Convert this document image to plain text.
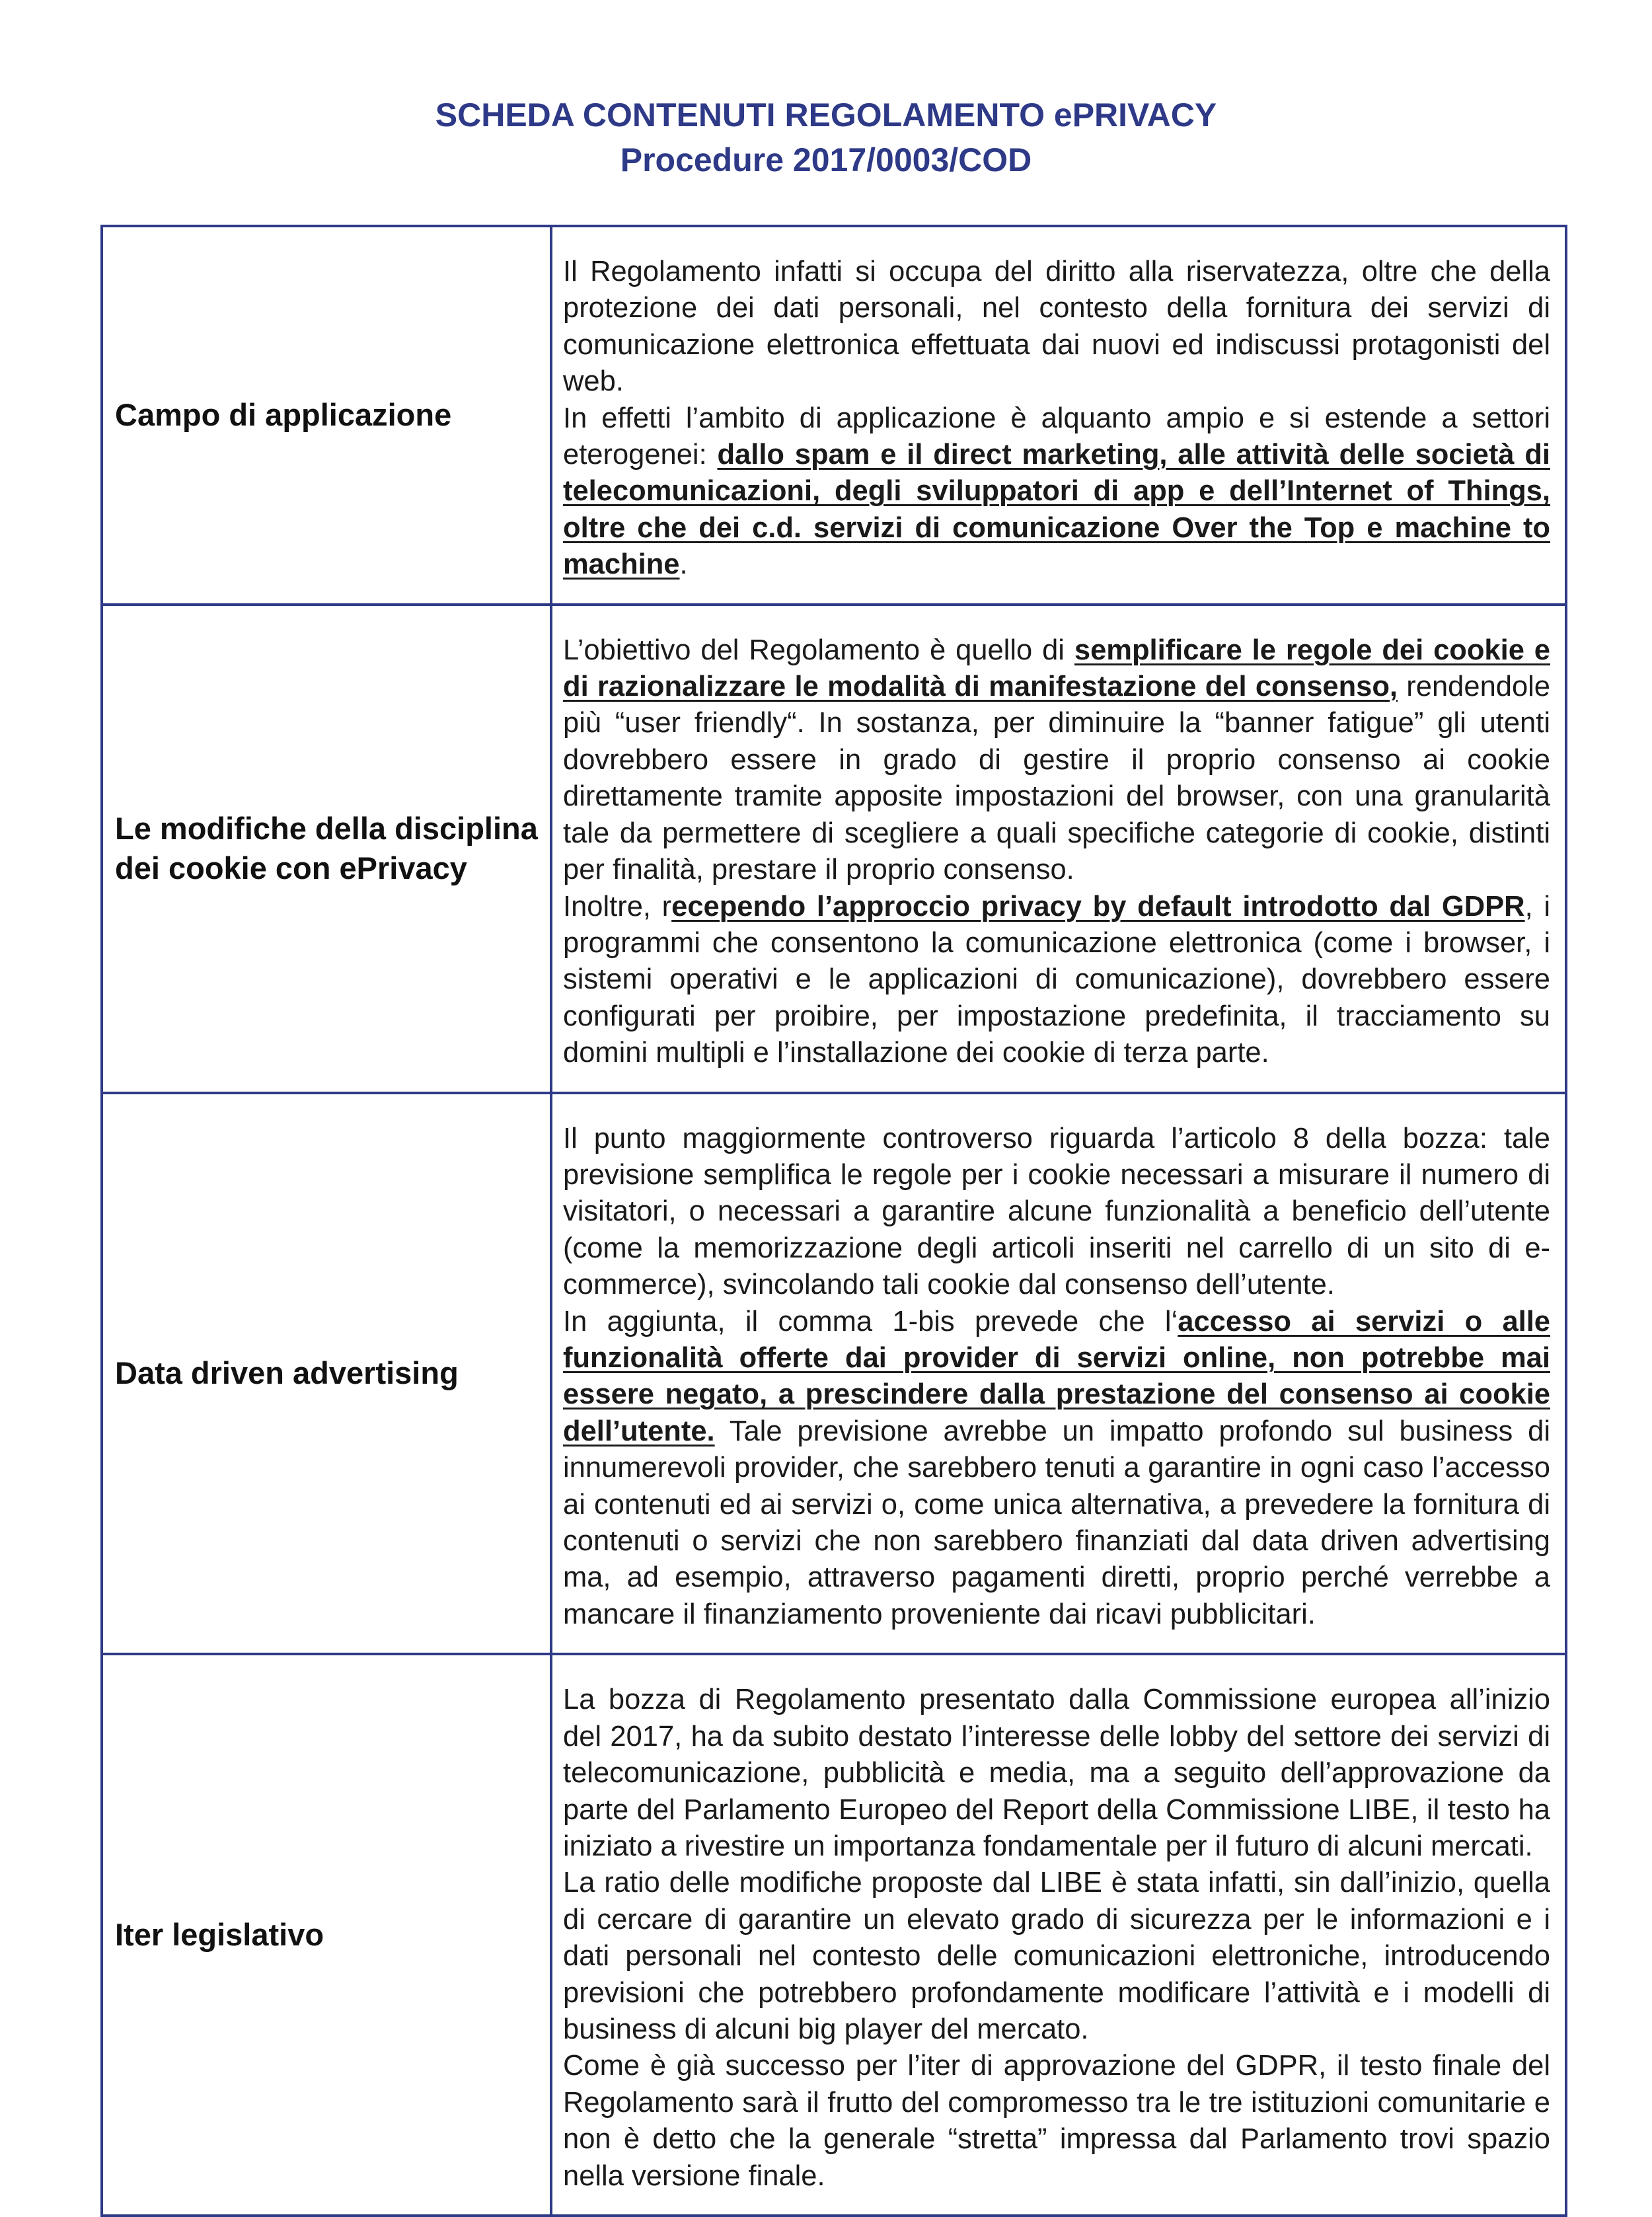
SCHEDA CONTENUTI REGOLAMENTO ePRIVACY
Procedure 2017/0003/COD
Campo di applicazione	Il Regolamento infatti si occupa del diritto alla riservatezza, oltre che della protezione dei dati personali, nel contesto della fornitura dei servizi di comunicazione elettronica effettuata dai nuovi ed indiscussi protagonisti del web.

In effetti l’ambito di applicazione è alquanto ampio e si estende a settori eterogenei: dallo spam e il direct marketing, alle attività delle società di telecomunicazioni, degli sviluppatori di app e dell’Internet of Things, oltre che dei c.d. servizi di comunicazione Over the Top e machine to machine.

Le modifiche della disciplina dei cookie con ePrivacy	L’obiettivo del Regolamento è quello di semplificare le regole dei cookie e di razionalizzare le modalità di manifestazione del consenso, rendendole più “user friendly“. In sostanza, per diminuire la “banner fatigue” gli utenti dovrebbero essere in grado di gestire il proprio consenso ai cookie direttamente tramite apposite impostazioni del browser, con una granularità tale da permettere di scegliere a quali specifiche categorie di cookie, distinti per finalità, prestare il proprio consenso.

Inoltre, recependo l’approccio privacy by default introdotto dal GDPR, i programmi che consentono la comunicazione elettronica (come i browser, i sistemi operativi e le applicazioni di comunicazione), dovrebbero essere configurati per proibire, per impostazione predefinita, il tracciamento su domini multipli e l’installazione dei cookie di terza parte.

Data driven advertising	Il punto maggiormente controverso riguarda l’articolo 8 della bozza: tale previsione semplifica le regole per i cookie necessari a misurare il numero di visitatori, o necessari a garantire alcune funzionalità a beneficio dell’utente (come la memorizzazione degli articoli inseriti nel carrello di un sito di e-commerce), svincolando tali cookie dal consenso dell’utente.

In aggiunta, il comma 1-bis prevede che l‘accesso ai servizi o alle funzionalità offerte dai provider di servizi online, non potrebbe mai essere negato, a prescindere dalla prestazione del consenso ai cookie dell’utente. Tale previsione avrebbe un impatto profondo sul business di innumerevoli provider, che sarebbero tenuti a garantire in ogni caso l’accesso ai contenuti ed ai servizi o, come unica alternativa, a prevedere la fornitura di contenuti o servizi che non sarebbero finanziati dal data driven advertising ma, ad esempio, attraverso pagamenti diretti, proprio perché verrebbe a mancare il finanziamento proveniente dai ricavi pubblicitari.

Iter legislativo	La bozza di Regolamento presentato dalla Commissione europea all’inizio del 2017, ha da subito destato l’interesse delle lobby del settore dei servizi di telecomunicazione, pubblicità e media, ma a seguito dell’approvazione da parte del Parlamento Europeo del Report della Commissione LIBE, il testo ha iniziato a rivestire un importanza fondamentale per il futuro di alcuni mercati.

La ratio delle modifiche proposte dal LIBE è stata infatti, sin dall’inizio, quella di cercare di garantire un elevato grado di sicurezza per le informazioni e i dati personali nel contesto delle comunicazioni elettroniche, introducendo previsioni che potrebbero profondamente modificare l’attività e i modelli di business di alcuni big player del mercato.

Come è già successo per l’iter di approvazione del GDPR, il testo finale del Regolamento sarà il frutto del compromesso tra le tre istituzioni comunitarie e non è detto che la generale “stretta” impressa dal Parlamento trovi spazio nella versione finale.
